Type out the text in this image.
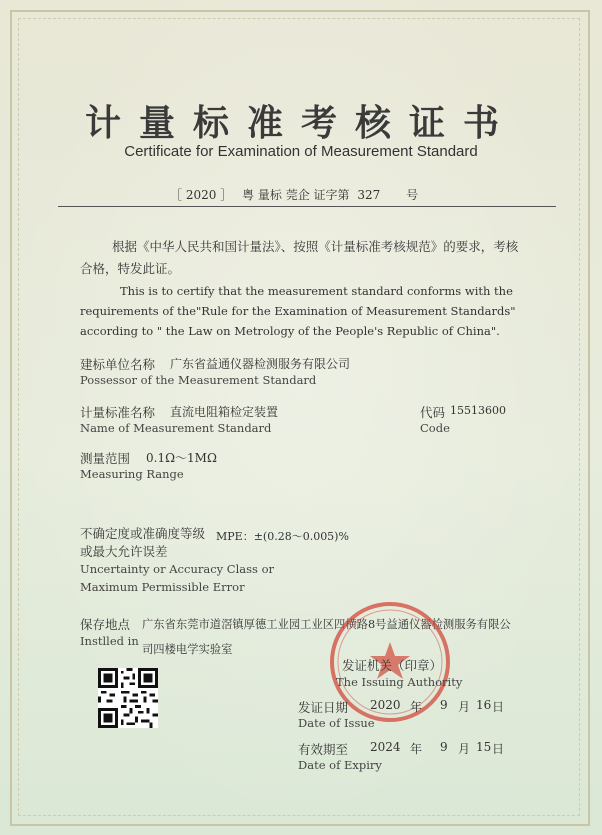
计量标准考核证书
Certificate for Examination of Measurement Standard
［ 2020 ］ 粤 量标 莞企 证字第 327 号
根据《中华人民共和国计量法》、按照《计量标准考核规范》的要求，考核合格，特发此证。
This is to certify that the measurement standard conforms with the requirements of the"Rule for the Examination of Measurement Standards" according to " the Law on Metrology of the People's Republic of China".
建标单位名称 广东省益通仪器检测服务有限公司
Possessor of the Measurement Standard
计量标准名称 直流电阻箱检定装置
Name of Measurement Standard
代码 15513600
Code
测量范围 0.1Ω～1MΩ
Measuring Range
不确定度或准确度等级 MPE：±(0.28～0.005)%
或最大允许误差
Uncertainty or Accuracy Class or
Maximum Permissible Error
保存地点 广东省东莞市道滘镇厚德工业园工业区四横路8号益通仪器检测服务有限公
Instlled in
司四楼电学实验室
发证机关（印章）
The Issuing Authority
发证日期 2020 年 9 月 16 日
Date of Issue
有效期至 2024 年 9 月 15 日
Date of Expiry
